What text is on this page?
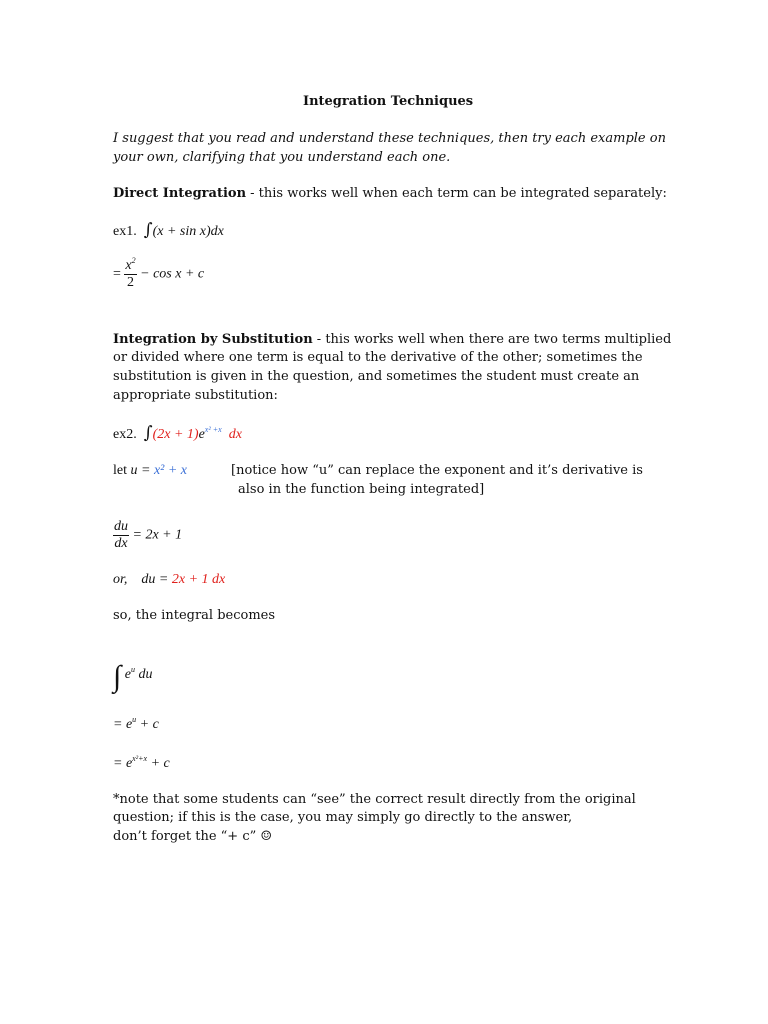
Integration Techniques
I suggest that you read and understand these techniques, then try each example on
your own, clarifying that you understand each one.
Direct Integration - this works well when each term can be integrated separately:
ex1. ∫(x + sin x)dx
= $\frac{x^2}{2} - \cos x + c$
Integration by Substitution - this works well when there are two terms multiplied
or divided where one term is equal to the derivative of the other; sometimes the
substitution is given in the question, and sometimes the student must create an
appropriate substitution:
ex2. $\int(2x + 1)e^{x^2 +x}$ dx
let u = x² + x	[notice how “u” can replace the exponent and it’s derivative is
also in the function being integrated]
$\frac{du}{dx} = 2x + 1$
or, du = 2x + 1 dx
so, the integral becomes
∫ $e^u$ du
= $e^u + c$
= $e^{x^2+x} + c$
*note that some students can “see” the correct result directly from the original
question; if this is the case, you may simply go directly to the answer,
don’t forget the “+ c” ☺
